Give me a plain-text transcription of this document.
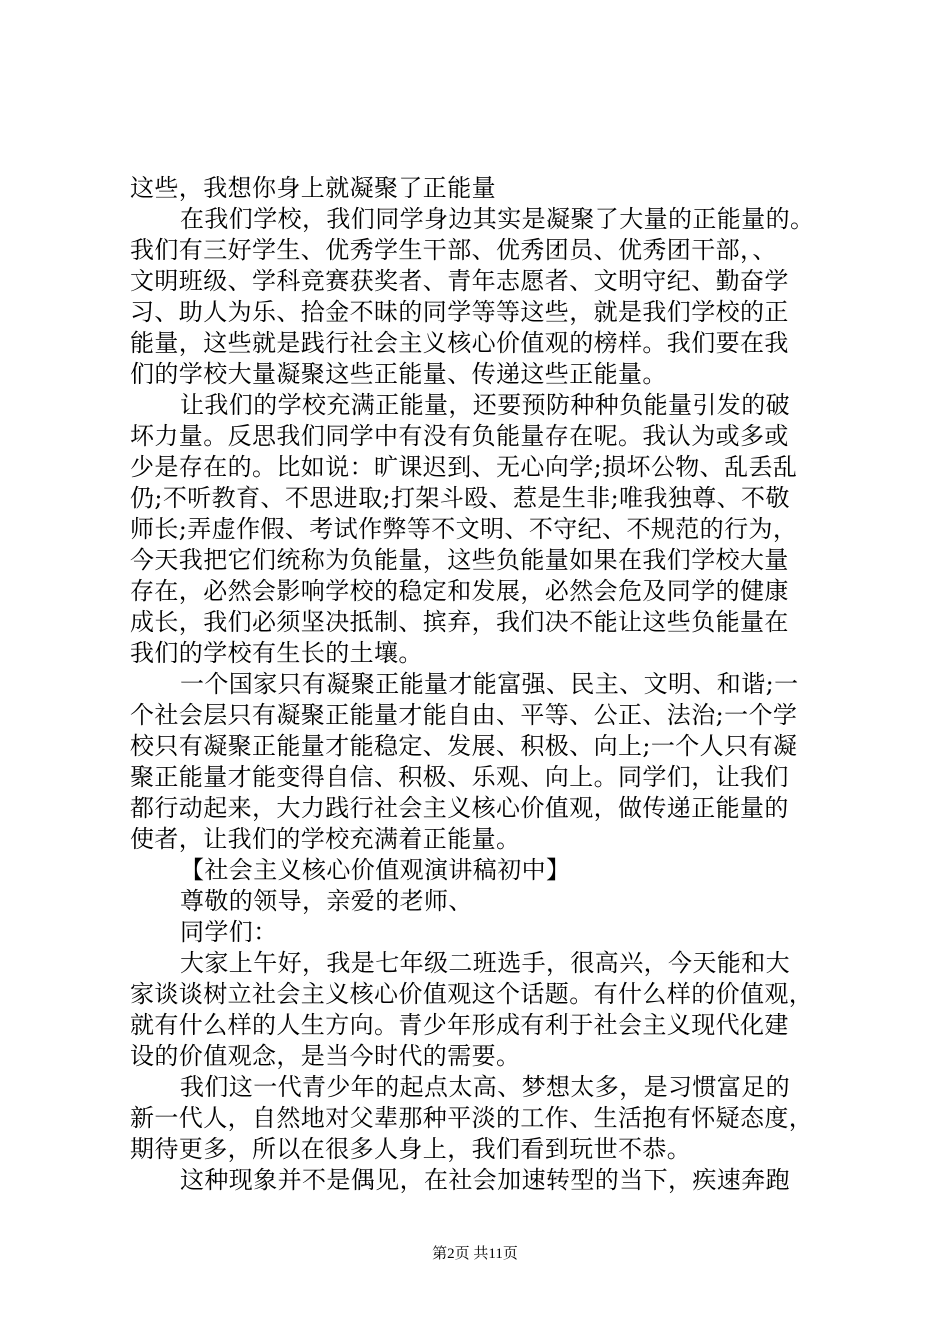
这些，我想你身上就凝聚了正能量
在我们学校，我们同学身边其实是凝聚了大量的正能量的。
我们有三好学生、优秀学生干部、优秀团员、优秀团干部，、
文明班级、学科竞赛获奖者、青年志愿者、文明守纪、勤奋学
习、助人为乐、拾金不昧的同学等等这些，就是我们学校的正
能量，这些就是践行社会主义核心价值观的榜样。我们要在我
们的学校大量凝聚这些正能量、传递这些正能量。
让我们的学校充满正能量，还要预防种种负能量引发的破
坏力量。反思我们同学中有没有负能量存在呢。我认为或多或
少是存在的。比如说：旷课迟到、无心向学;损坏公物、乱丢乱
仍;不听教育、不思进取;打架斗殴、惹是生非;唯我独尊、不敬
师长;弄虚作假、考试作弊等不文明、不守纪、不规范的行为，
今天我把它们统称为负能量，这些负能量如果在我们学校大量
存在，必然会影响学校的稳定和发展，必然会危及同学的健康
成长，我们必须坚决抵制、摈弃，我们决不能让这些负能量在
我们的学校有生长的土壤。
一个国家只有凝聚正能量才能富强、民主、文明、和谐;一
个社会层只有凝聚正能量才能自由、平等、公正、法治;一个学
校只有凝聚正能量才能稳定、发展、积极、向上;一个人只有凝
聚正能量才能变得自信、积极、乐观、向上。同学们，让我们
都行动起来，大力践行社会主义核心价值观，做传递正能量的
使者，让我们的学校充满着正能量。
【社会主义核心价值观演讲稿初中】
尊敬的领导，亲爱的老师、
同学们：
大家上午好，我是七年级二班选手，很高兴，今天能和大
家谈谈树立社会主义核心价值观这个话题。有什么样的价值观，
就有什么样的人生方向。青少年形成有利于社会主义现代化建
设的价值观念，是当今时代的需要。
我们这一代青少年的起点太高、梦想太多，是习惯富足的
新一代人，自然地对父辈那种平淡的工作、生活抱有怀疑态度，
期待更多，所以在很多人身上，我们看到玩世不恭。
这种现象并不是偶见，在社会加速转型的当下，疾速奔跑
第2页 共11页
